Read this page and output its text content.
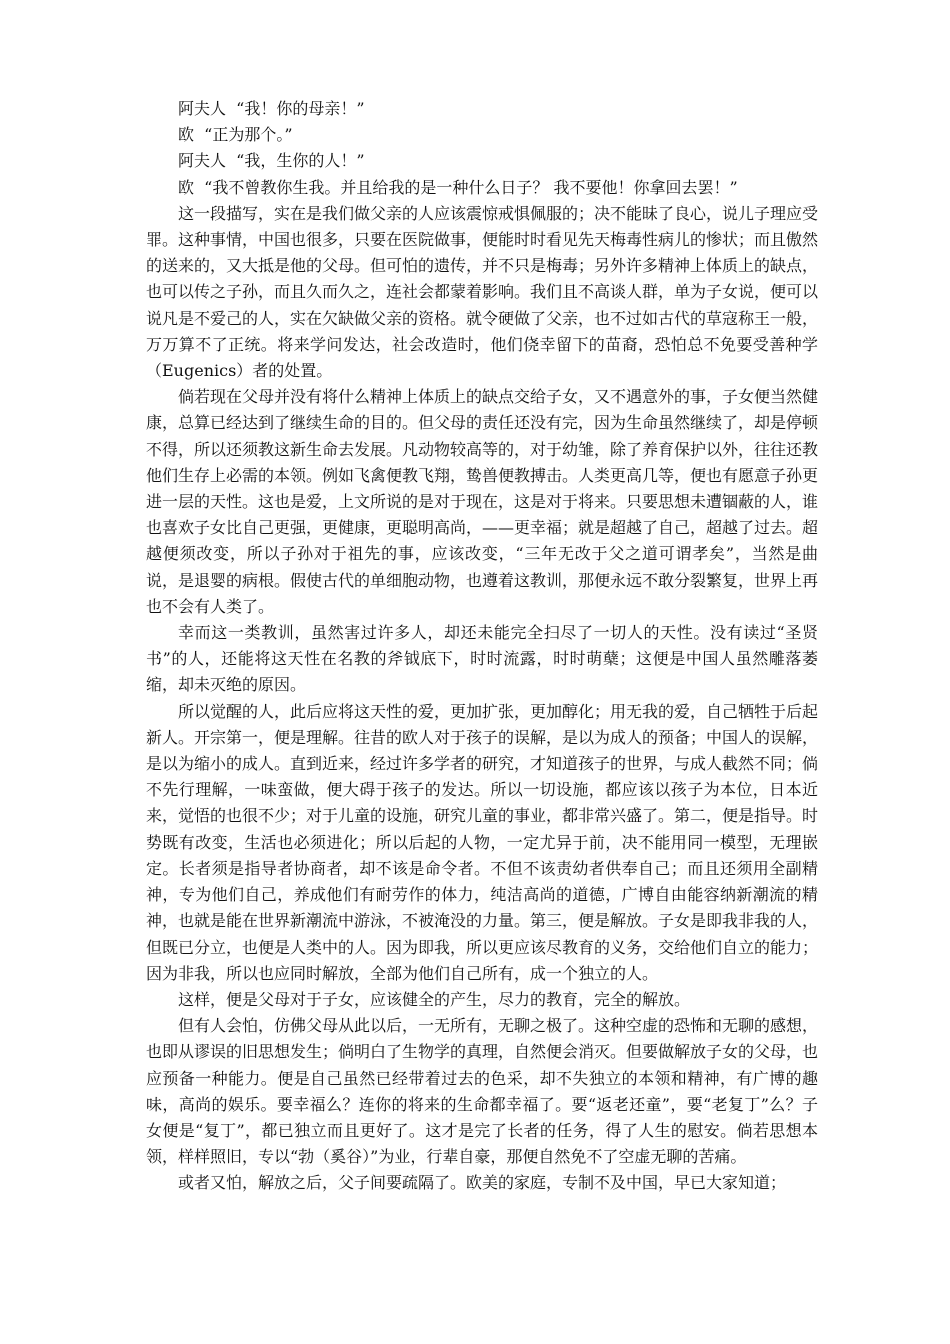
阿夫人  “我！你的母亲！”

欧  “正为那个。”

阿夫人  “我，生你的人！”

欧  “我不曾教你生我。并且给我的是一种什么日子？ 我不要他！你拿回去罢！”

这一段描写，实在是我们做父亲的人应该震惊戒惧佩服的；决不能昧了良心，说儿子理应受罪。这种事情，中国也很多，只要在医院做事，便能时时看见先天梅毒性病儿的惨状；而且傲然的送来的，又大抵是他的父母。但可怕的遗传，并不只是梅毒；另外许多精神上体质上的缺点，也可以传之子孙，而且久而久之，连社会都蒙着影响。我们且不高谈人群，单为子女说，便可以说凡是不爱己的人，实在欠缺做父亲的资格。就令硬做了父亲，也不过如古代的草寇称王一般，万万算不了正统。将来学问发达，社会改造时，他们侥幸留下的苗裔，恐怕总不免要受善种学（Eugenics）者的处置。

倘若现在父母并没有将什么精神上体质上的缺点交给子女，又不遇意外的事，子女便当然健康，总算已经达到了继续生命的目的。但父母的责任还没有完，因为生命虽然继续了，却是停顿不得，所以还须教这新生命去发展。凡动物较高等的，对于幼雏，除了养育保护以外，往往还教他们生存上必需的本领。例如飞禽便教飞翔，鸷兽便教搏击。人类更高几等，便也有愿意子孙更进一层的天性。这也是爱，上文所说的是对于现在，这是对于将来。只要思想未遭锢蔽的人，谁也喜欢子女比自己更强，更健康，更聪明高尚，——更幸福；就是超越了自己，超越了过去。超越便须改变，所以子孙对于祖先的事，应该改变，“三年无改于父之道可谓孝矣”，当然是曲说，是退婴的病根。假使古代的单细胞动物，也遵着这教训，那便永远不敢分裂繁复，世界上再也不会有人类了。

幸而这一类教训，虽然害过许多人，却还未能完全扫尽了一切人的天性。没有读过“圣贤书”的人，还能将这天性在名教的斧钺底下，时时流露，时时萌蘖；这便是中国人虽然雕落萎缩，却未灭绝的原因。

所以觉醒的人，此后应将这天性的爱，更加扩张，更加醇化；用无我的爱，自己牺牲于后起新人。开宗第一，便是理解。往昔的欧人对于孩子的误解，是以为成人的预备；中国人的误解，是以为缩小的成人。直到近来，经过许多学者的研究，才知道孩子的世界，与成人截然不同；倘不先行理解，一味蛮做，便大碍于孩子的发达。所以一切设施，都应该以孩子为本位，日本近来，觉悟的也很不少；对于儿童的设施，研究儿童的事业，都非常兴盛了。第二，便是指导。时势既有改变，生活也必须进化；所以后起的人物，一定尤异于前，决不能用同一模型，无理嵌定。长者须是指导者协商者，却不该是命令者。不但不该责幼者供奉自己；而且还须用全副精神，专为他们自己，养成他们有耐劳作的体力，纯洁高尚的道德，广博自由能容纳新潮流的精神，也就是能在世界新潮流中游泳，不被淹没的力量。第三，便是解放。子女是即我非我的人，但既已分立，也便是人类中的人。因为即我，所以更应该尽教育的义务，交给他们自立的能力；因为非我，所以也应同时解放，全部为他们自己所有，成一个独立的人。

这样，便是父母对于子女，应该健全的产生，尽力的教育，完全的解放。

但有人会怕，仿佛父母从此以后，一无所有，无聊之极了。这种空虚的恐怖和无聊的感想，也即从谬误的旧思想发生；倘明白了生物学的真理，自然便会消灭。但要做解放子女的父母，也应预备一种能力。便是自己虽然已经带着过去的色采，却不失独立的本领和精神，有广博的趣味，高尚的娱乐。要幸福么？连你的将来的生命都幸福了。要“返老还童”，要“老复丁”么？子女便是“复丁”，都已独立而且更好了。这才是完了长者的任务，得了人生的慰安。倘若思想本领，样样照旧，专以“勃（奚谷）”为业，行辈自豪，那便自然免不了空虚无聊的苦痛。

或者又怕，解放之后，父子间要疏隔了。欧美的家庭，专制不及中国，早已大家知道；
